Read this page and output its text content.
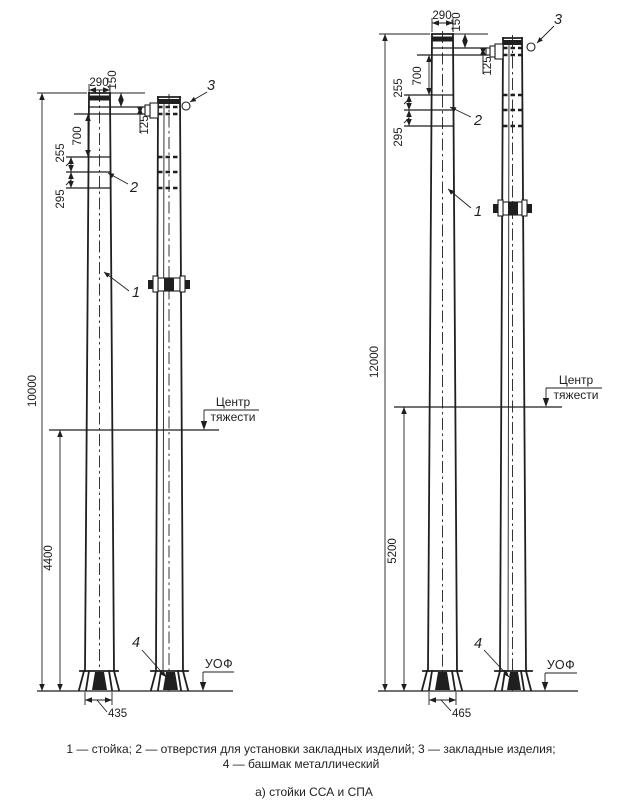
290
150
125
700
255
295
10000
4400
435
Центр
тяжести
УОФ
3
2
1
4
290 150
125
700
255
295
12000
5200
465
Центр
тяжести
УОФ
3
2
1
4
1 — стойка; 2 — отверстия для установки закладных изделий; 3 — закладные изделия;
4 — башмак металлический
а) стойки ССА и СПА
